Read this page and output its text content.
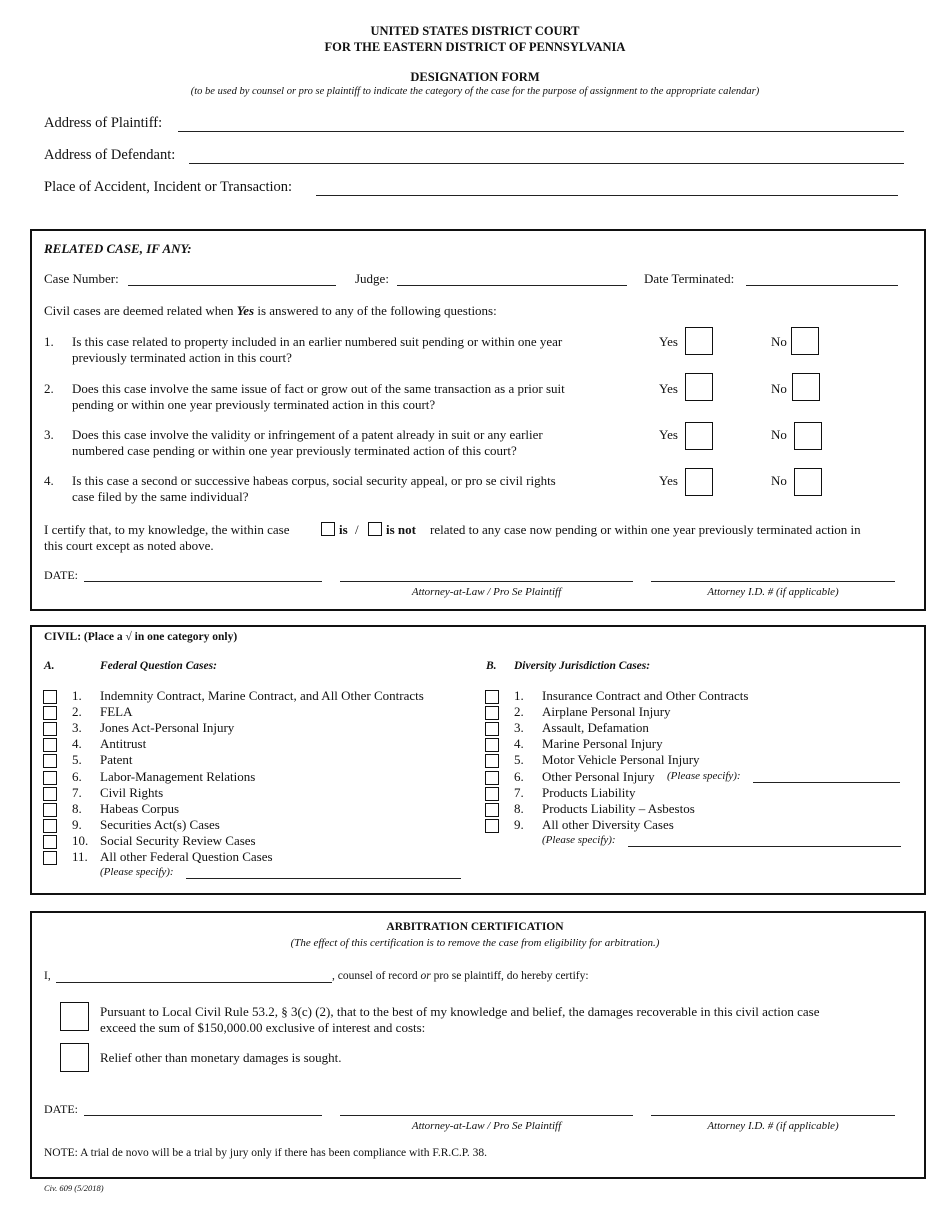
UNITED STATES DISTRICT COURT
FOR THE EASTERN DISTRICT OF PENNSYLVANIA
DESIGNATION FORM
(to be used by counsel or pro se plaintiff to indicate the category of the case for the purpose of assignment to the appropriate calendar)
Address of Plaintiff:
Address of Defendant:
Place of Accident, Incident or Transaction:
RELATED CASE, IF ANY:
Case Number:	Judge:	Date Terminated:
Civil cases are deemed related when Yes is answered to any of the following questions:
1. Is this case related to property included in an earlier numbered suit pending or within one year
previously terminated action in this court?
Yes	No
2. Does this case involve the same issue of fact or grow out of the same transaction as a prior suit
pending or within one year previously terminated action in this court?
Yes	No
3. Does this case involve the validity or infringement of a patent already in suit or any earlier
numbered case pending or within one year previously terminated action of this court?
Yes	No
4. Is this case a second or successive habeas corpus, social security appeal, or pro se civil rights
case filed by the same individual?
Yes	No
I certify that, to my knowledge, the within case	is / is not related to any case now pending or within one year previously terminated action in
this court except as noted above.
DATE:
Attorney-at-Law / Pro Se Plaintiff	Attorney I.D. # (if applicable)
CIVIL: (Place a √ in one category only)
A.	Federal Question Cases:	B. Diversity Jurisdiction Cases:
1. Indemnity Contract, Marine Contract, and All Other Contracts
2. FELA
3. Jones Act-Personal Injury
4. Antitrust
5. Patent
6. Labor-Management Relations
7. Civil Rights
8. Habeas Corpus
9. Securities Act(s) Cases
10. Social Security Review Cases
11. All other Federal Question Cases
1. Insurance Contract and Other Contracts
2. Airplane Personal Injury
3. Assault, Defamation
4. Marine Personal Injury
5. Motor Vehicle Personal Injury
6. Other Personal Injury
7. Products Liability
8. Products Liability – Asbestos
9. All other Diversity Cases
(Please specify):
(Please specify):
(Please specify):
ARBITRATION CERTIFICATION
(The effect of this certification is to remove the case from eligibility for arbitration.)
I,	, counsel of record or pro se plaintiff, do hereby certify:
Pursuant to Local Civil Rule 53.2, § 3(c) (2), that to the best of my knowledge and belief, the damages recoverable in this civil action case
exceed the sum of $150,000.00 exclusive of interest and costs:
Relief other than monetary damages is sought.
DATE:
Attorney-at-Law / Pro Se Plaintiff	Attorney I.D. # (if applicable)
NOTE: A trial de novo will be a trial by jury only if there has been compliance with F.R.C.P. 38.
Civ. 609 (5/2018)
